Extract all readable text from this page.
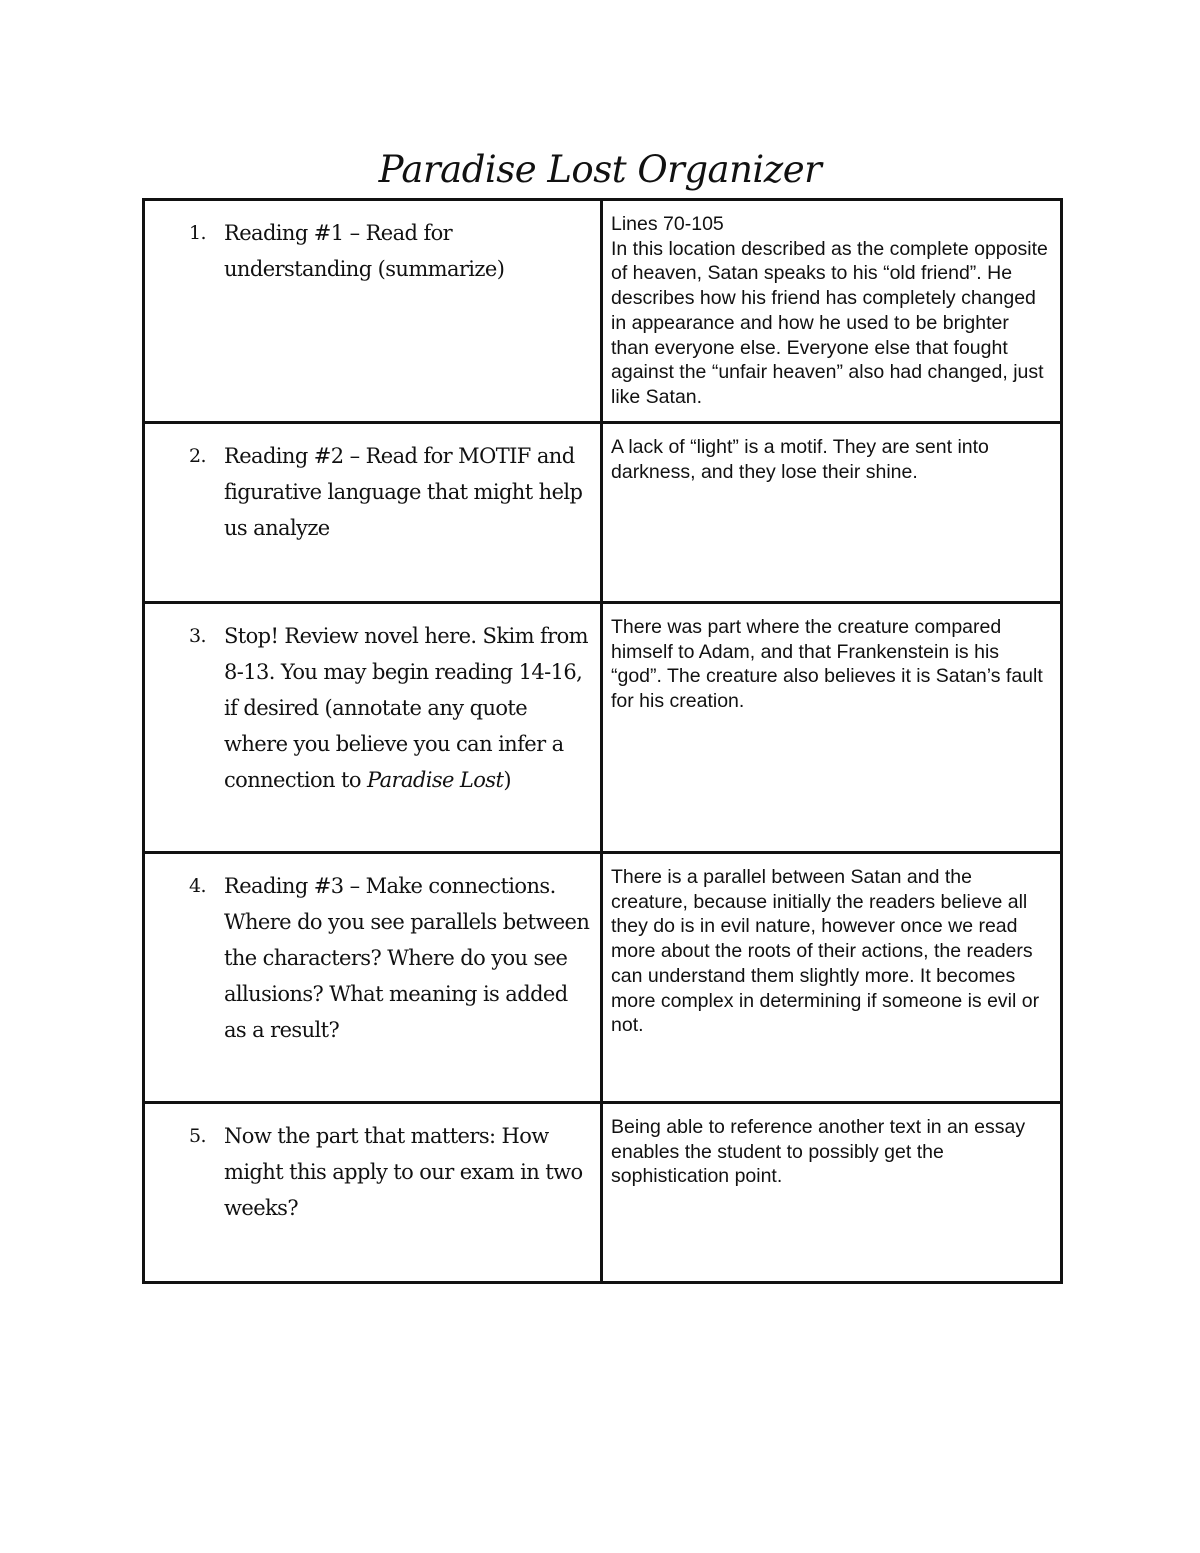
Paradise Lost Organizer
1. Reading #1 – Read for understanding (summarize)	Lines 70-105
In this location described as the complete opposite of heaven, Satan speaks to his “old friend”. He describes how his friend has completely changed in appearance and how he used to be brighter than everyone else. Everyone else that fought against the “unfair heaven” also had changed, just like Satan.

2. Reading #2 – Read for MOTIF and figurative language that might help us analyze	A lack of “light” is a motif. They are sent into darkness, and they lose their shine.

3. Stop! Review novel here. Skim from 8-13. You may begin reading 14-16, if desired (annotate any quote where you believe you can infer a connection to Paradise Lost)	There was part where the creature compared himself to Adam, and that Frankenstein is his “god”. The creature also believes it is Satan’s fault for his creation.

4. Reading #3 – Make connections. Where do you see parallels between the characters? Where do you see allusions? What meaning is added as a result?	There is a parallel between Satan and the creature, because initially the readers believe all they do is in evil nature, however once we read more about the roots of their actions, the readers can understand them slightly more. It becomes more complex in determining if someone is evil or not.

5. Now the part that matters: How might this apply to our exam in two weeks?	Being able to reference another text in an essay enables the student to possibly get the sophistication point.
